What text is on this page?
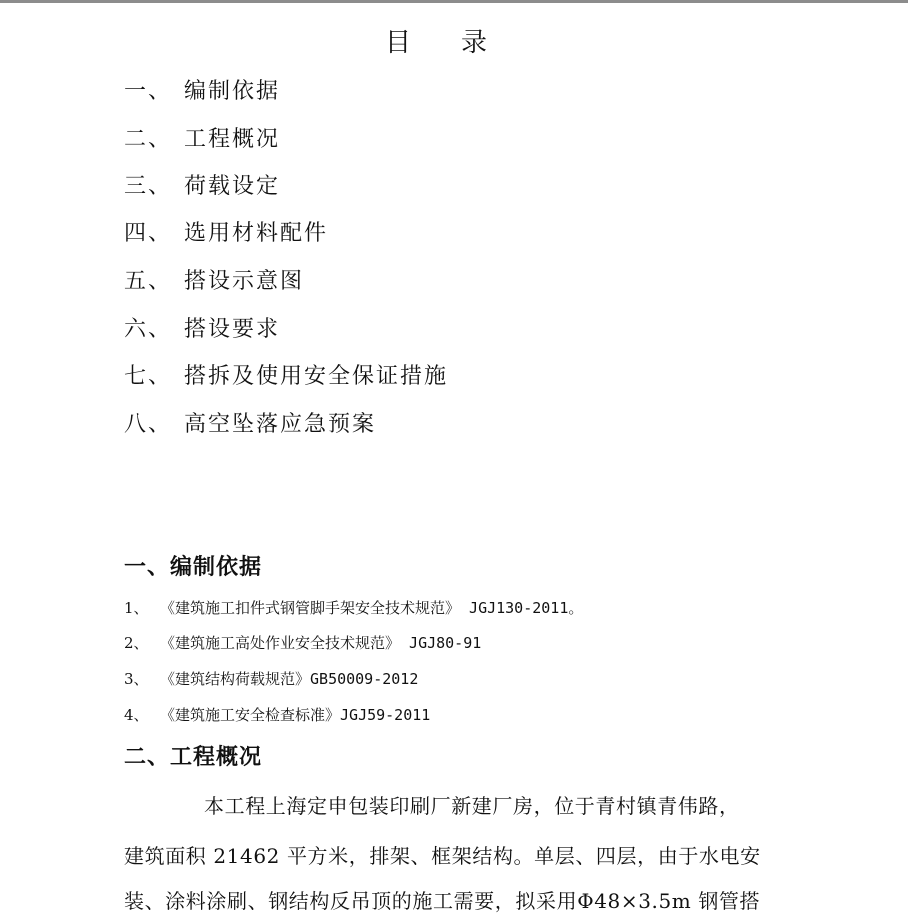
目录
一、 编制依据
二、 工程概况
三、 荷载设定
四、 选用材料配件
五、 搭设示意图
六、 搭设要求
七、 搭拆及使用安全保证措施
八、 高空坠落应急预案
一、编制依据
1、 《建筑施工扣件式钢管脚手架安全技术规范》 JGJ130-2011。
2、 《建筑施工高处作业安全技术规范》 JGJ80-91
3、 《建筑结构荷载规范》GB50009-2012
4、 《建筑施工安全检查标准》JGJ59-2011
二、工程概况
本工程上海定申包装印刷厂新建厂房，位于青村镇青伟路，
建筑面积 21462 平方米，排架、框架结构。单层、四层，由于水电安
装、涂料涂刷、钢结构反吊顶的施工需要，拟采用Φ48×3.5m 钢管搭
